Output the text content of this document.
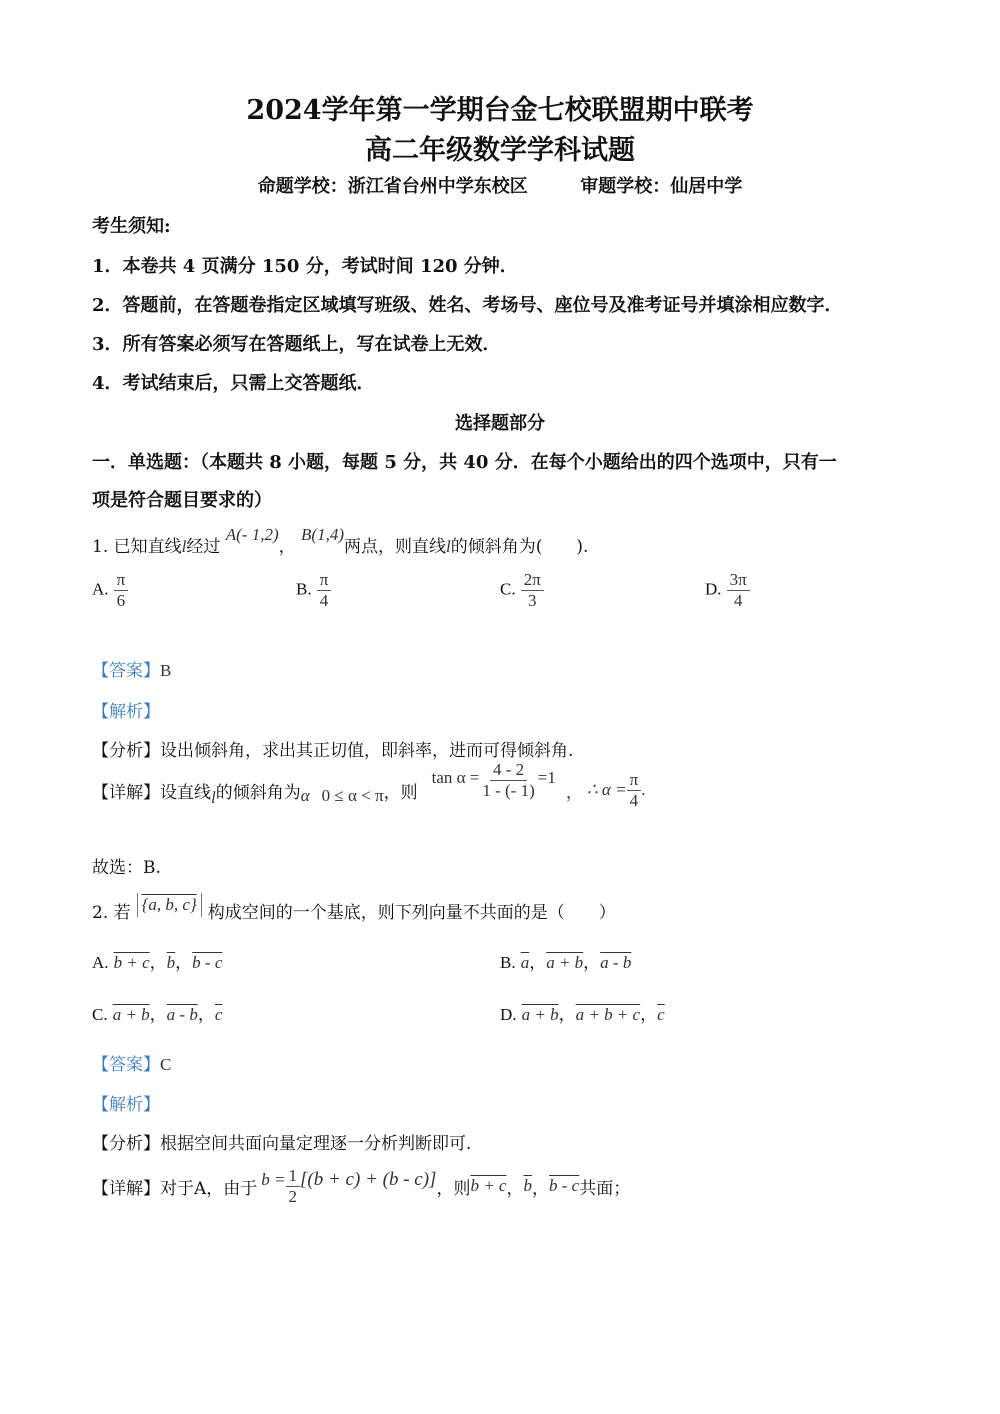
2024学年第一学期台金七校联盟期中联考
高二年级数学学科试题
命题学校：浙江省台州中学东校区	审题学校：仙居中学
考生须知:
1．本卷共 4 页满分 150 分，考试时间 120 分钟．
2．答题前，在答题卷指定区域填写班级、姓名、考场号、座位号及准考证号并填涂相应数字．
3．所有答案必须写在答题纸上，写在试卷上无效．
4．考试结束后，只需上交答题纸．
选择题部分
一．单选题：（本题共 8 小题，每题 5 分，共 40 分．在每个小题给出的四个选项中，只有一
项是符合题目要求的）
1. 已知直线l经过 A(- 1,2)， B(1,4)两点，则直线l的倾斜角为(　　).
A. $\frac{\pi}{6}$	B. $\frac{\pi}{4}$	C. $\frac{2\pi}{3}$	D. $\frac{3\pi}{4}$
【答案】B
【解析】
【分析】设出倾斜角，求出其正切值，即斜率，进而可得倾斜角.
【详解】 设直线 l 的倾斜角为 α 0 ≤ α < π ，则
$\tan \alpha = \frac{4 - 2}{1 - (- 1)} =1$
， ∴ $\alpha = \frac{\pi}{4}$ .
故选：B.
2. 若 {a, b, c} 构成空间的一个基底，则下列向量不共面的是（　　）
A. b + c，$\overline{b}$，b - c	B. $\overline{a}$，a + b，a - b
C. a + b，a - b，$\overline{c}$	D. a + b，a + b + c，$\overline{c}$
【答案】C
【解析】
【分析】根据空间共面向量定理逐一分析判断即可.
【详解】 对于A，由于 $b = \frac{1}{2} [(b + c) + (b - c)]$ ，则 b + c ， $\overline{b}$ ， b - c 共面；
